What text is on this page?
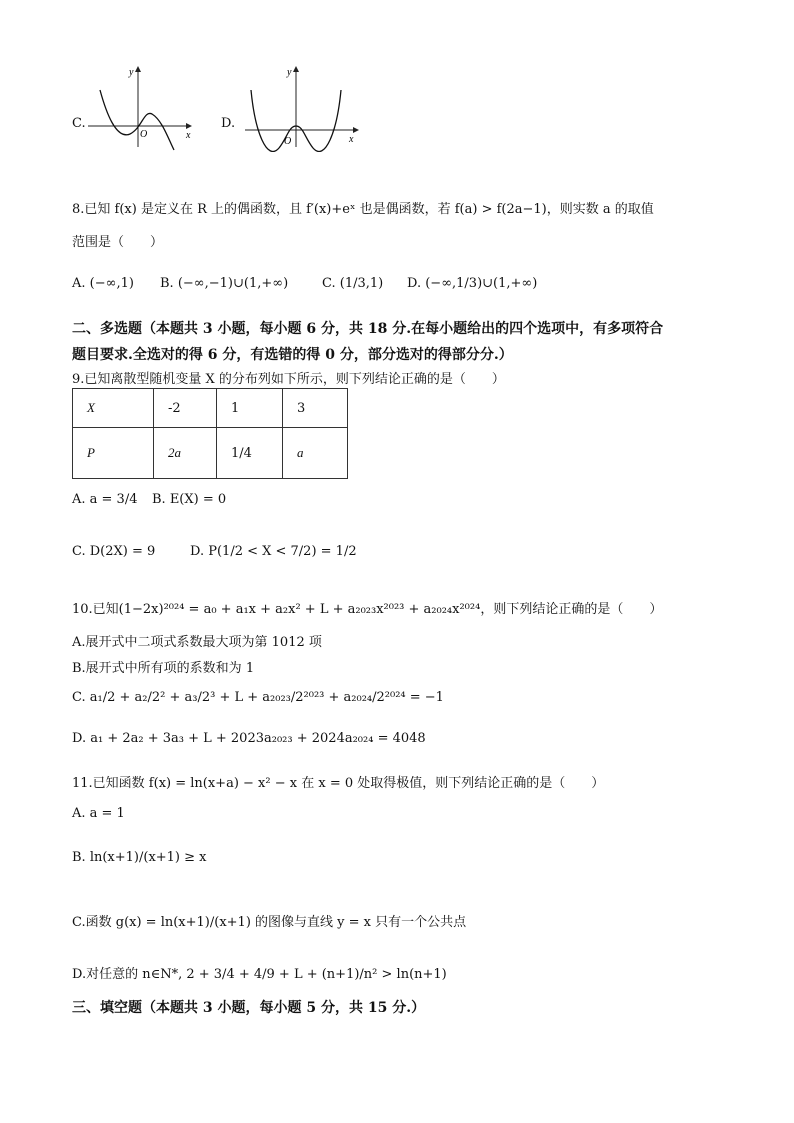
C.
y
x
O
D.
y
x
O
8.已知 f(x) 是定义在 R 上的偶函数，且 f′(x)+eˣ 也是偶函数，若 f(a) > f(2a−1)，则实数 a 的取值
范围是（　　）
A. (−∞,1) B. (−∞,−1)∪(1,+∞)	C. (1/3,1) D. (−∞,1/3)∪(1,+∞)
二、多选题（本题共 3 小题，每小题 6 分，共 18 分.在每小题给出的四个选项中，有多项符合
题目要求.全选对的得 6 分，有选错的得 0 分，部分选对的得部分分.）
9.已知离散型随机变量 X 的分布列如下所示，则下列结论正确的是（　　）
X	-2	1	3
P	2a	1/4	a
A. a = 3/4 B. E(X) = 0
C. D(2X) = 9	D. P(1/2 < X < 7/2) = 1/2
10.已知(1−2x)²⁰²⁴ = a₀ + a₁x + a₂x² + L + a₂₀₂₃x²⁰²³ + a₂₀₂₄x²⁰²⁴，则下列结论正确的是（　　）
A.展开式中二项式系数最大项为第 1012 项
B.展开式中所有项的系数和为 1
C. a₁/2 + a₂/2² + a₃/2³ + L + a₂₀₂₃/2²⁰²³ + a₂₀₂₄/2²⁰²⁴ = −1
D. a₁ + 2a₂ + 3a₃ + L + 2023a₂₀₂₃ + 2024a₂₀₂₄ = 4048
11.已知函数 f(x) = ln(x+a) − x² − x 在 x = 0 处取得极值，则下列结论正确的是（　　）
A. a = 1
B. ln(x+1)/(x+1) ≥ x
C.函数 g(x) = ln(x+1)/(x+1) 的图像与直线 y = x 只有一个公共点
D.对任意的 n∈N*, 2 + 3/4 + 4/9 + L + (n+1)/n² > ln(n+1)
三、填空题（本题共 3 小题，每小题 5 分，共 15 分.）
